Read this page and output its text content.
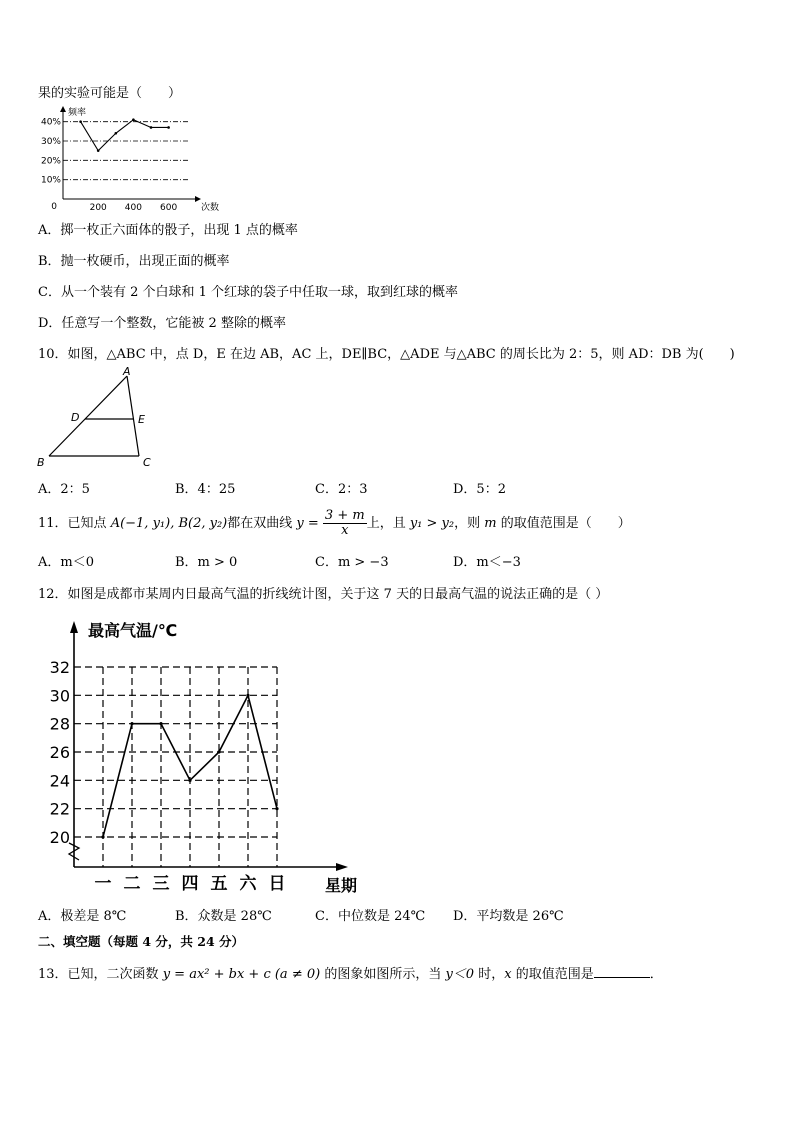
果的实验可能是（　　）
10%
20%
30%
40%
200 400 600
0
频率
次数
A．掷一枚正六面体的骰子，出现 1 点的概率
B．抛一枚硬币，出现正面的概率
C．从一个装有 2 个白球和 1 个红球的袋子中任取一球，取到红球的概率
D．任意写一个整数，它能被 2 整除的概率
10．如图，△ABC 中，点 D，E 在边 AB，AC 上，DE∥BC，△ADE 与△ABC 的周长比为 2：5，则 AD：DB 为(　　)
A
D	E
B	C
A．2：5	B．4：25	C．2：3	D．5：2
11．已知点 A(−1, y₁), B(2, y₂)都在双曲线 $y = \frac{3 + m}{x}$ 上，且 y₁ > y₂，则 m 的取值范围是（　　）
A．m＜0	B．m > 0	C．m > −3	D．m＜−3
12．如图是成都市某周内日最高气温的折线统计图，关于这 7 天的日最高气温的说法正确的是（ ）
20
22
24
26
28
30
32
一 二 三 四 五 六 日
最高气温/℃
星期
A．极差是 8℃	B．众数是 28℃	C．中位数是 24℃ D．平均数是 26℃
二、填空题（每题 4 分，共 24 分）
13．已知，二次函数 y = ax² + bx + c (a ≠ 0) 的图象如图所示，当 y＜0 时，x 的取值范围是	．
